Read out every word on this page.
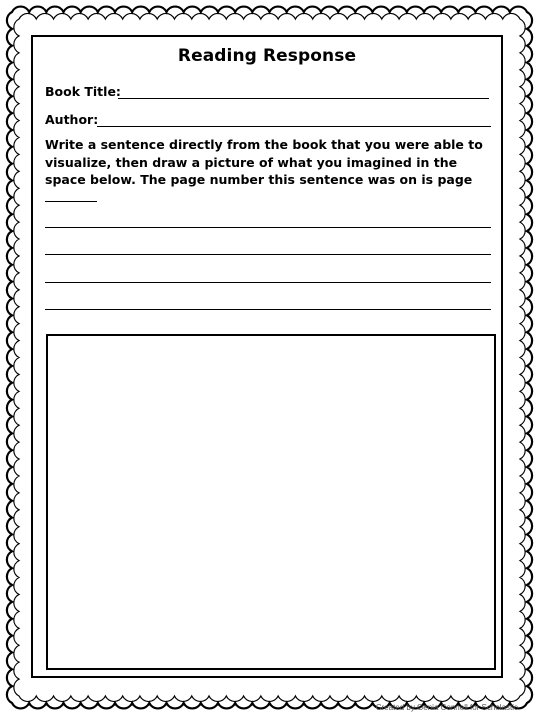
Reading Response
Book Title:
Author:
Write a sentence directly from the book that you were able to visualize, then draw a picture of what you imagined in the space below. The page number this sentence was on is page
Created by Genia Connell for Scholastic
